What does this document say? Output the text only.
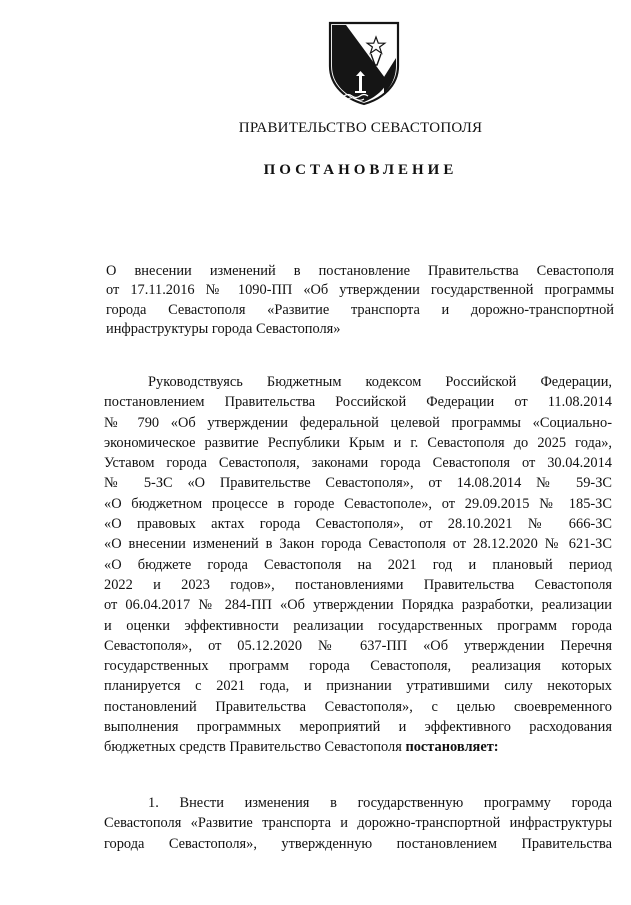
ПРАВИТЕЛЬСТВО СЕВАСТОПОЛЯ
ПОСТАНОВЛЕНИЕ
О внесении изменений в постановление Правительства Севастополя
от 17.11.2016 № 1090-ПП «Об утверждении государственной программы
города Севастополя «Развитие транспорта и дорожно-транспортной
инфраструктуры города Севастополя»
Руководствуясь Бюджетным кодексом Российской Федерации,
постановлением Правительства Российской Федерации от 11.08.2014
№ 790 «Об утверждении федеральной целевой программы «Социально-
экономическое развитие Республики Крым и г. Севастополя до 2025 года»,
Уставом города Севастополя, законами города Севастополя от 30.04.2014
№ 5-ЗС «О Правительстве Севастополя», от 14.08.2014 № 59-ЗС
«О бюджетном процессе в городе Севастополе», от 29.09.2015 № 185-ЗС
«О правовых актах города Севастополя», от 28.10.2021 № 666-ЗС
«О внесении изменений в Закон города Севастополя от 28.12.2020 № 621-ЗС
«О бюджете города Севастополя на 2021 год и плановый период
2022 и 2023 годов», постановлениями Правительства Севастополя
от 06.04.2017 № 284-ПП «Об утверждении Порядка разработки, реализации
и оценки эффективности реализации государственных программ города
Севастополя», от 05.12.2020 № 637-ПП «Об утверждении Перечня
государственных программ города Севастополя, реализация которых
планируется с 2021 года, и признании утратившими силу некоторых
постановлений Правительства Севастополя», с целью своевременного
выполнения программных мероприятий и эффективного расходования
бюджетных средств Правительство Севастополя постановляет:
1. Внести изменения в государственную программу города
Севастополя «Развитие транспорта и дорожно-транспортной инфраструктуры
города Севастополя», утвержденную постановлением Правительства
